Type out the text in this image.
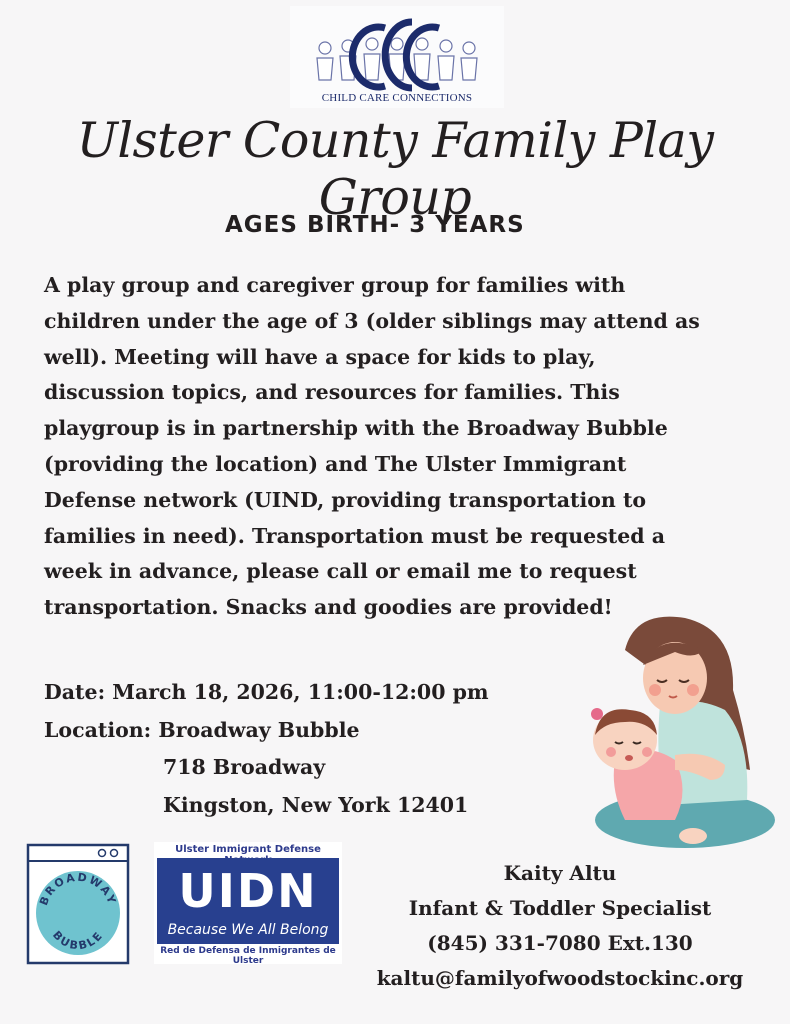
CHILD CARE CONNECTIONS
Ulster County Family Play Group
AGES BIRTH- 3 YEARS
A play group and caregiver group for families with
children under the age of 3 (older siblings may attend as
well). Meeting will have a space for kids to play,
discussion topics, and resources for families. This
playgroup is in partnership with the Broadway Bubble
(providing the location) and The Ulster Immigrant
Defense network (UIND, providing transportation to
families in need). Transportation must be requested a
week in advance, please call or email me to request
transportation. Snacks and goodies are provided!
Date: March 18, 2026, 11:00-12:00 pm
Location: Broadway Bubble
718 Broadway
Kingston, New York 12401
BROADWAY
BUBBLE
Ulster Immigrant Defense
UIDN
Because We All Belong
Red de Defensa de Inmigrantes de Ulster
Kaity Altu
Infant & Toddler Specialist
(845) 331-7080 Ext.130
kaltu@familyofwoodstockinc.org
